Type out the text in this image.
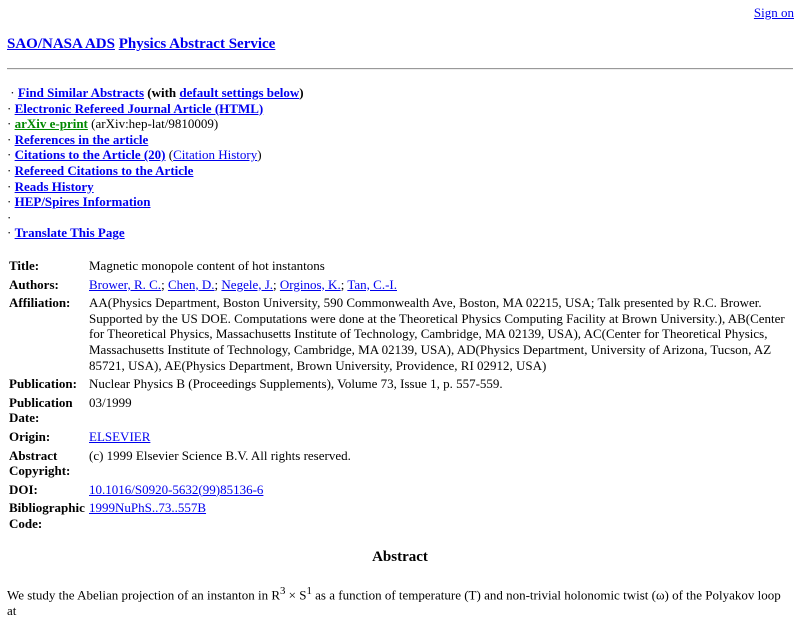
Sign on
SAO/NASA ADS Physics Abstract Service
· Find Similar Abstracts (with default settings below)
· Electronic Refereed Journal Article (HTML)
· arXiv e-print (arXiv:hep-lat/9810009)
· References in the article
· Citations to the Article (20) (Citation History)
· Refereed Citations to the Article
· Reads History
· HEP/Spires Information
·
· Translate This Page
Title:	Magnetic monopole content of hot instantons
Authors:	Brower, R. C.; Chen, D.; Negele, J.; Orginos, K.; Tan, C.-I.
Affiliation:	AA(Physics Department, Boston University, 590 Commonwealth Ave, Boston, MA 02215, USA; Talk presented by R.C. Brower. Supported by the US DOE. Computations were done at the Theoretical Physics Computing Facility at Brown University.), AB(Center for Theoretical Physics, Massachusetts Institute of Technology, Cambridge, MA 02139, USA), AC(Center for Theoretical Physics, Massachusetts Institute of Technology, Cambridge, MA 02139, USA), AD(Physics Department, University of Arizona, Tucson, AZ 85721, USA), AE(Physics Department, Brown University, Providence, RI 02912, USA)
Publication:	Nuclear Physics B (Proceedings Supplements), Volume 73, Issue 1, p. 557-559.
Publication Date:	03/1999
Origin:	ELSEVIER
Abstract Copyright:	(c) 1999 Elsevier Science B.V. All rights reserved.
DOI:	10.1016/S0920-5632(99)85136-6
Bibliographic Code:	1999NuPhS..73..557B
Abstract
We study the Abelian projection of an instanton in $R^3 \times S^1$ as a function of temperature (T) and non-trivial holonomic twist (ω) of the Polyakov loop at
